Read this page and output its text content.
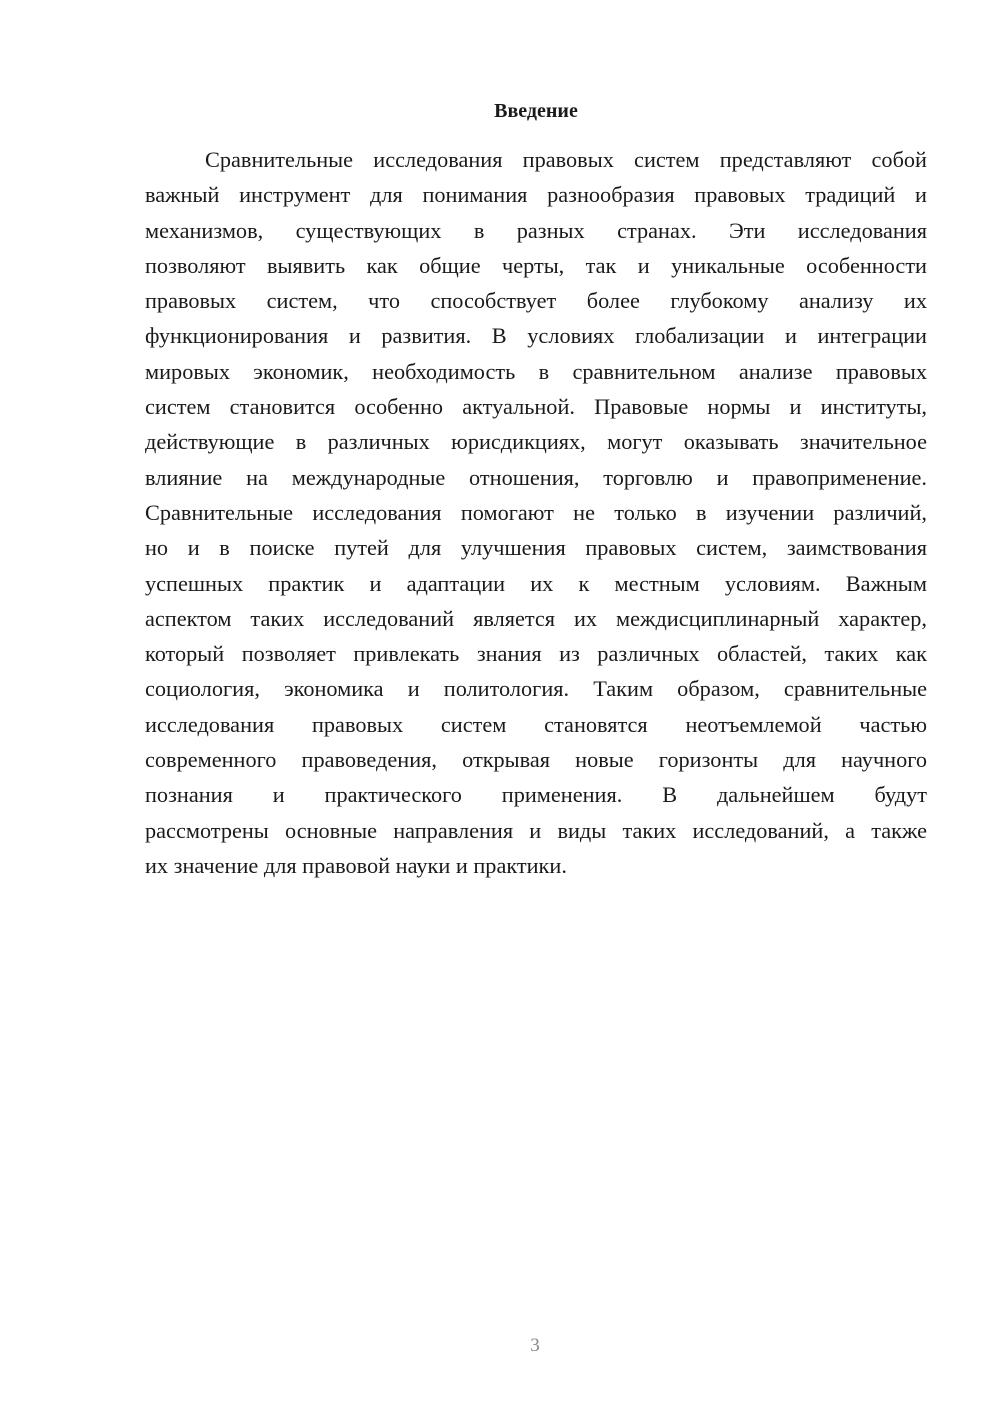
Введение
Сравнительные исследования правовых систем представляют собой
важный инструмент для понимания разнообразия правовых традиций и
механизмов, существующих в разных странах. Эти исследования
позволяют выявить как общие черты, так и уникальные особенности
правовых систем, что способствует более глубокому анализу их
функционирования и развития. В условиях глобализации и интеграции
мировых экономик, необходимость в сравнительном анализе правовых
систем становится особенно актуальной. Правовые нормы и институты,
действующие в различных юрисдикциях, могут оказывать значительное
влияние на международные отношения, торговлю и правоприменение.
Сравнительные исследования помогают не только в изучении различий,
но и в поиске путей для улучшения правовых систем, заимствования
успешных практик и адаптации их к местным условиям. Важным
аспектом таких исследований является их междисциплинарный характер,
который позволяет привлекать знания из различных областей, таких как
социология, экономика и политология. Таким образом, сравнительные
исследования правовых систем становятся неотъемлемой частью
современного правоведения, открывая новые горизонты для научного
познания и практического применения. В дальнейшем будут
рассмотрены основные направления и виды таких исследований, а также
их значение для правовой науки и практики.
3
